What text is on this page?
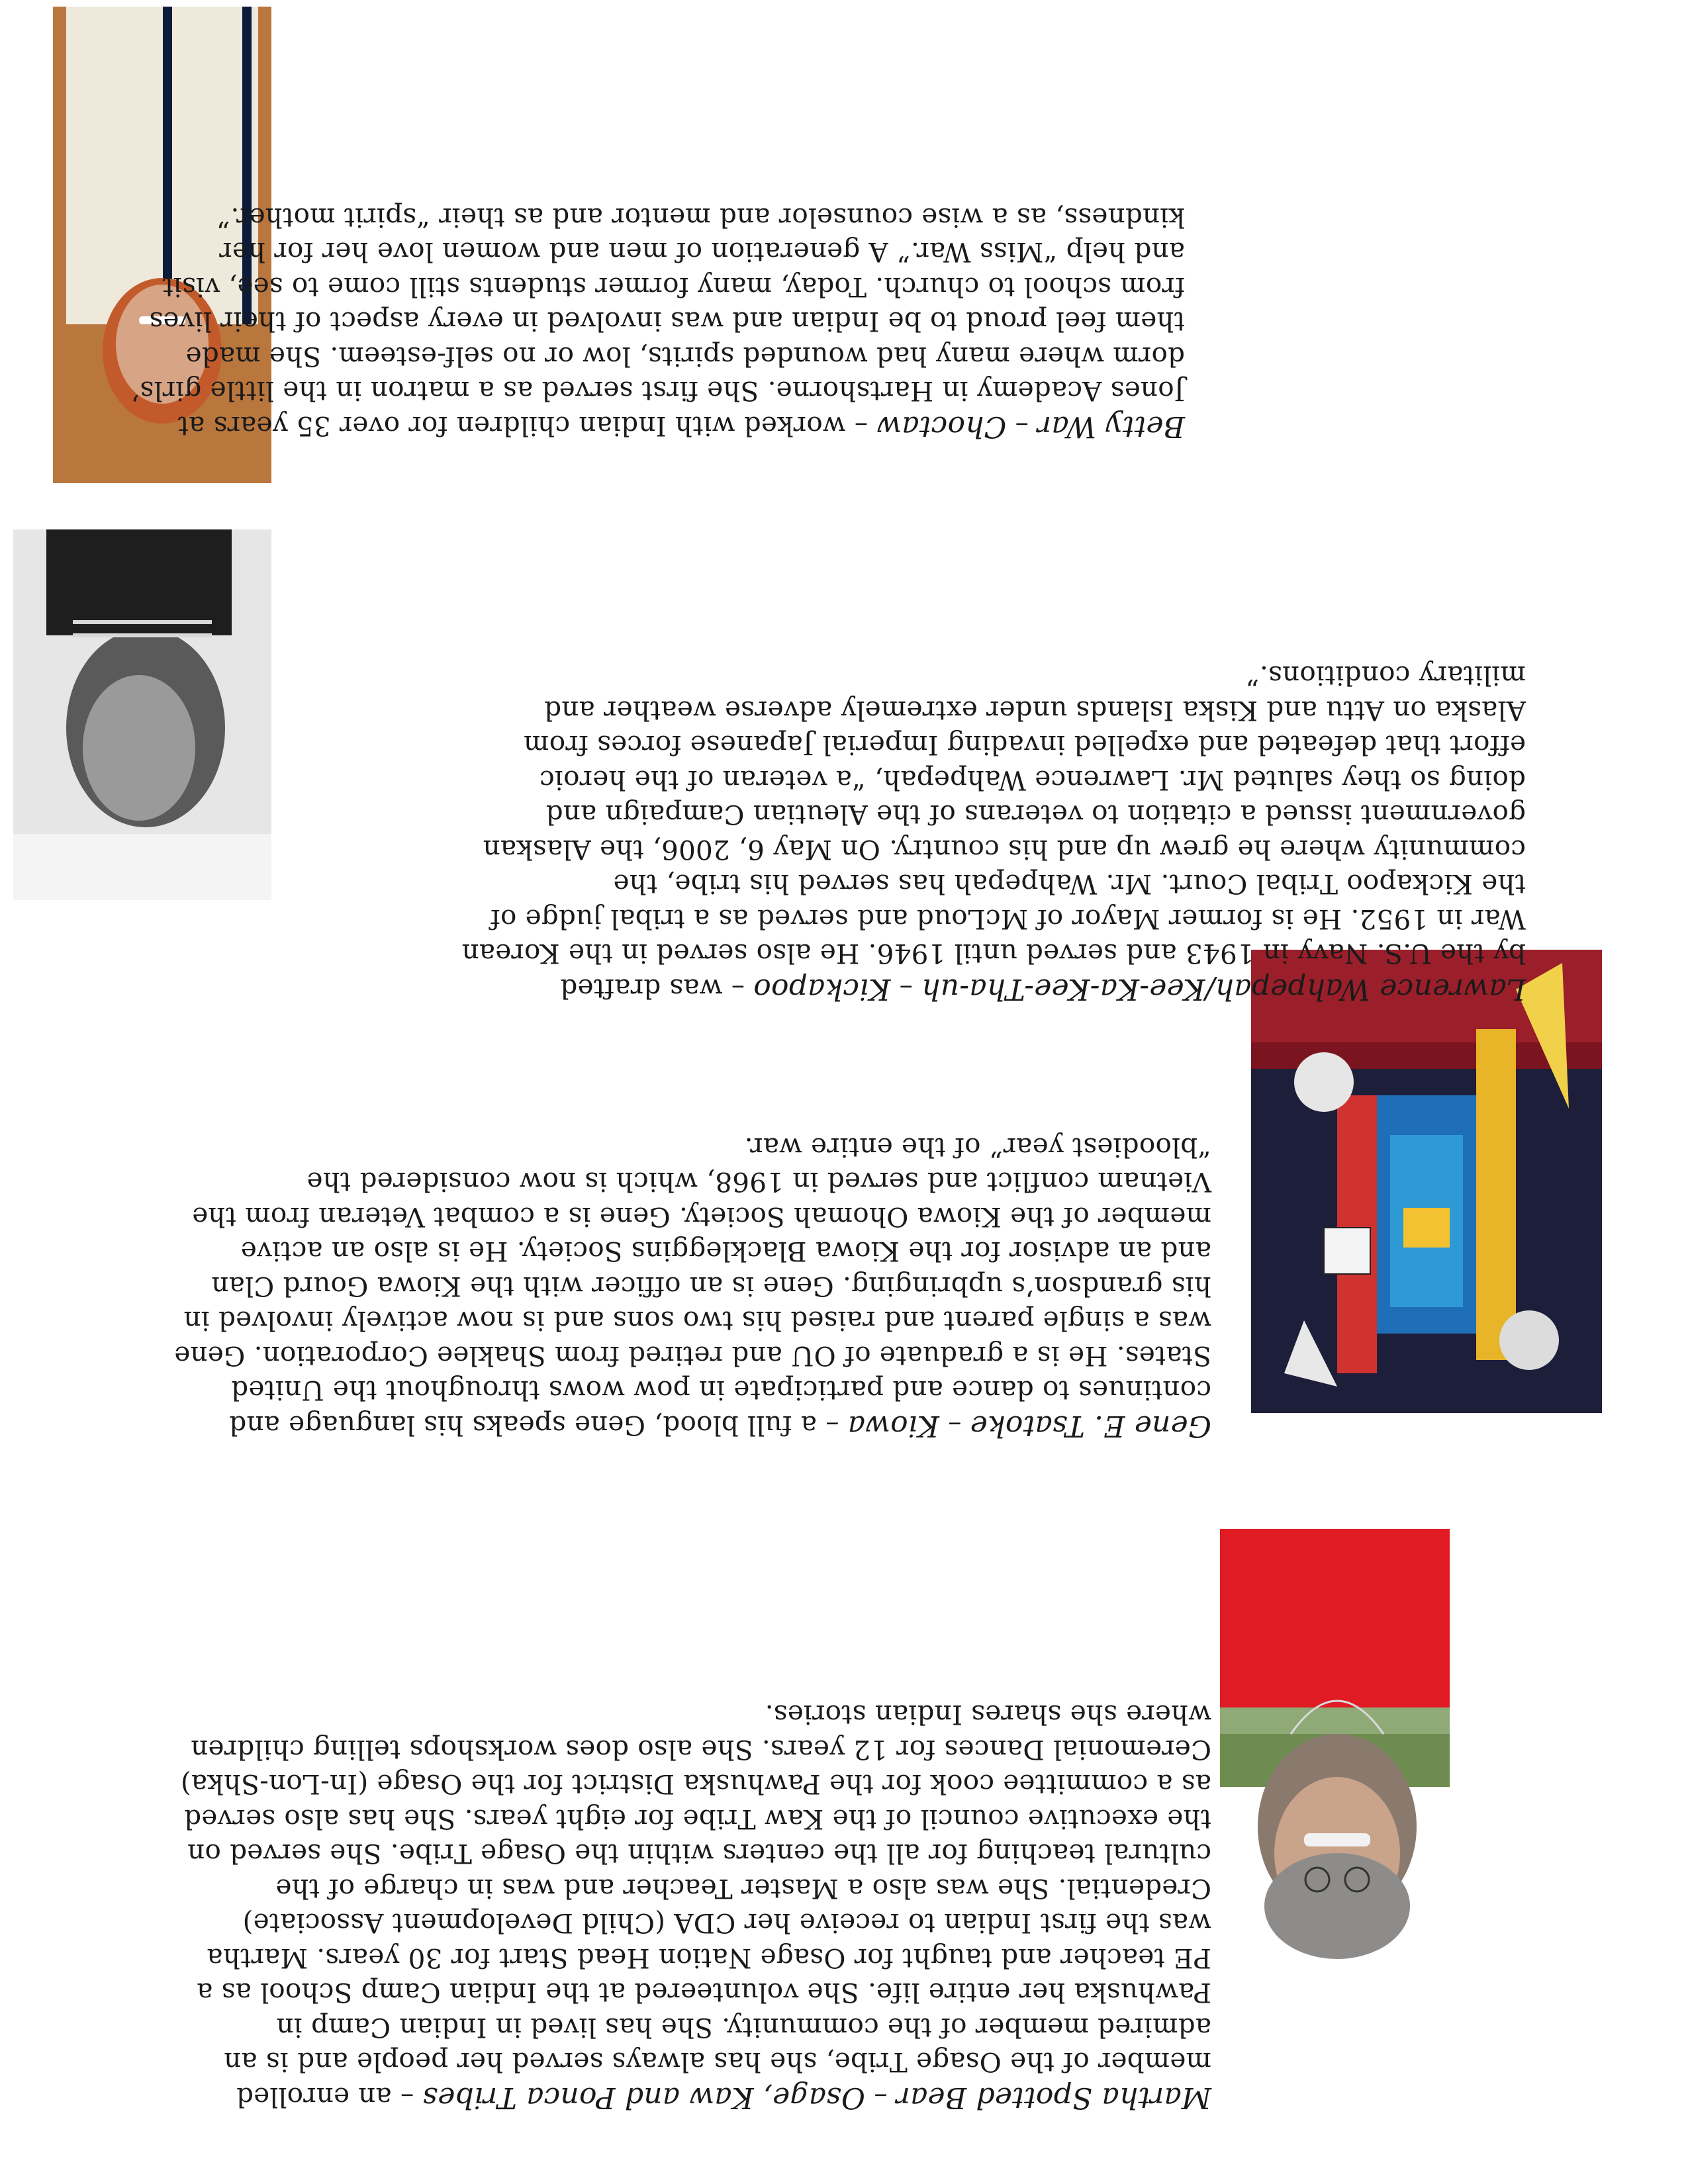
Martha Spotted Bear – Osage, Kaw and Ponca Tribes – an enrolled

member of the Osage Tribe, she has always served her people and is an

admired member of the community. She has lived in Indian Camp in

Pawhuska her entire life. She volunteered at the Indian Camp School as a

PE teacher and taught for Osage Nation Head Start for 30 years. Martha

was the first Indian to receive her CDA (Child Development Associate)

Credential. She was also a Master Teacher and was in charge of the

cultural teaching for all the centers within the Osage Tribe. She served on

the executive council of the Kaw Tribe for eight years. She has also served

as a committee cook for the Pawhuska District for the Osage (In-Lon-Shka)

Ceremonial Dances for 12 years. She also does workshops telling children

where she shares Indian stories.

Gene E. Tsatoke – Kiowa – a full blood, Gene speaks his language and

continues to dance and participate in pow wows throughout the United

States. He is a graduate of OU and retired from Shaklee Corporation. Gene

was a single parent and raised his two sons and is now actively involved in

his grandson’s upbringing. Gene is an officer with the Kiowa Gourd Clan

and an advisor for the Kiowa Blackleggins Society. He is also an active

member of the Kiowa Ohomah Society. Gene is a combat Veteran from the

Vietnam conflict and served in 1968, which is now considered the

“bloodiest year” of the entire war.

Lawrence Wahpepah/Kee-Ka-Kee-Tha-uh – Kickapoo – was drafted

by the U.S. Navy in 1943 and served until 1946. He also served in the Korean

War in 1952. He is former Mayor of McLoud and served as a tribal judge of

the Kickapoo Tribal Court. Mr. Wahpepah has served his tribe, the

community where he grew up and his country. On May 6, 2006, the Alaskan

government issued a citation to veterans of the Aleutian Campaign and

doing so they saluted Mr. Lawrence Wahpepah, “a veteran of the heroic

effort that defeated and expelled invading Imperial Japanese forces from

Alaska on Attu and Kiska Islands under extremely adverse weather and

military conditions.”

Betty War – Choctaw – worked with Indian children for over 35 years at

Jones Academy in Hartshorne. She first served as a matron in the little girls’

dorm where many had wounded spirits, low or no self-esteem. She made

them feel proud to be Indian and was involved in every aspect of their lives

from school to church. Today, many former students still come to see, visit

and help “Miss War.” A generation of men and women love her for her

kindness, as a wise counselor and mentor and as their “spirit mother.”
